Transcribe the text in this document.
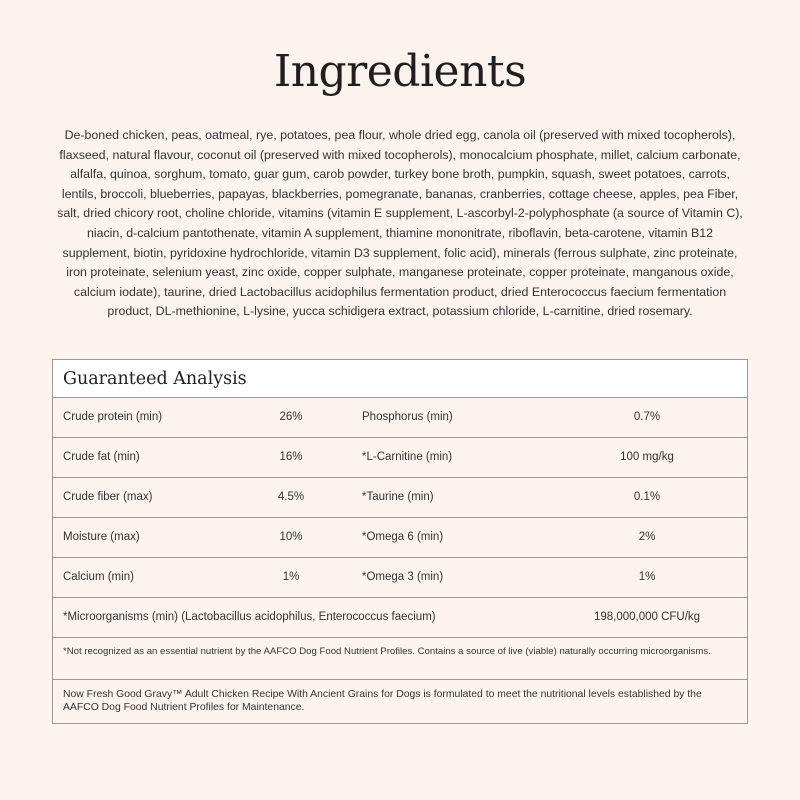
Ingredients

De-boned chicken, peas, oatmeal, rye, potatoes, pea flour, whole dried egg, canola oil (preserved with mixed tocopherols), flaxseed, natural flavour, coconut oil (preserved with mixed tocopherols), monocalcium phosphate, millet, calcium carbonate, alfalfa, quinoa, sorghum, tomato, guar gum, carob powder, turkey bone broth, pumpkin, squash, sweet potatoes, carrots, lentils, broccoli, blueberries, papayas, blackberries, pomegranate, bananas, cranberries, cottage cheese, apples, pea Fiber, salt, dried chicory root, choline chloride, vitamins (vitamin E supplement, L-ascorbyl-2-polyphosphate (a source of Vitamin C), niacin, d-calcium pantothenate, vitamin A supplement, thiamine mononitrate, riboflavin, beta-carotene, vitamin B12 supplement, biotin, pyridoxine hydrochloride, vitamin D3 supplement, folic acid), minerals (ferrous sulphate, zinc proteinate, iron proteinate, selenium yeast, zinc oxide, copper sulphate, manganese proteinate, copper proteinate, manganous oxide, calcium iodate), taurine, dried Lactobacillus acidophilus fermentation product, dried Enterococcus faecium fermentation product, DL-methionine, L-lysine, yucca schidigera extract, potassium chloride, L-carnitine, dried rosemary.

Guaranteed Analysis
Crude protein (min)	26%	Phosphorus (min)	0.7%
Crude fat (min)	16%	*L-Carnitine (min)	100 mg/kg
Crude fiber (max)	4.5%	*Taurine (min)	0.1%
Moisture (max)	10%	*Omega 6 (min)	2%
Calcium (min)	1%	*Omega 3 (min)	1%
*Microorganisms (min) (Lactobacillus acidophilus, Enterococcus faecium)	198,000,000 CFU/kg
*Not recognized as an essential nutrient by the AAFCO Dog Food Nutrient Profiles. Contains a source of live (viable) naturally occurring microorganisms.
Now Fresh Good Gravy™ Adult Chicken Recipe With Ancient Grains for Dogs is formulated to meet the nutritional levels established by the AAFCO Dog Food Nutrient Profiles for Maintenance.
